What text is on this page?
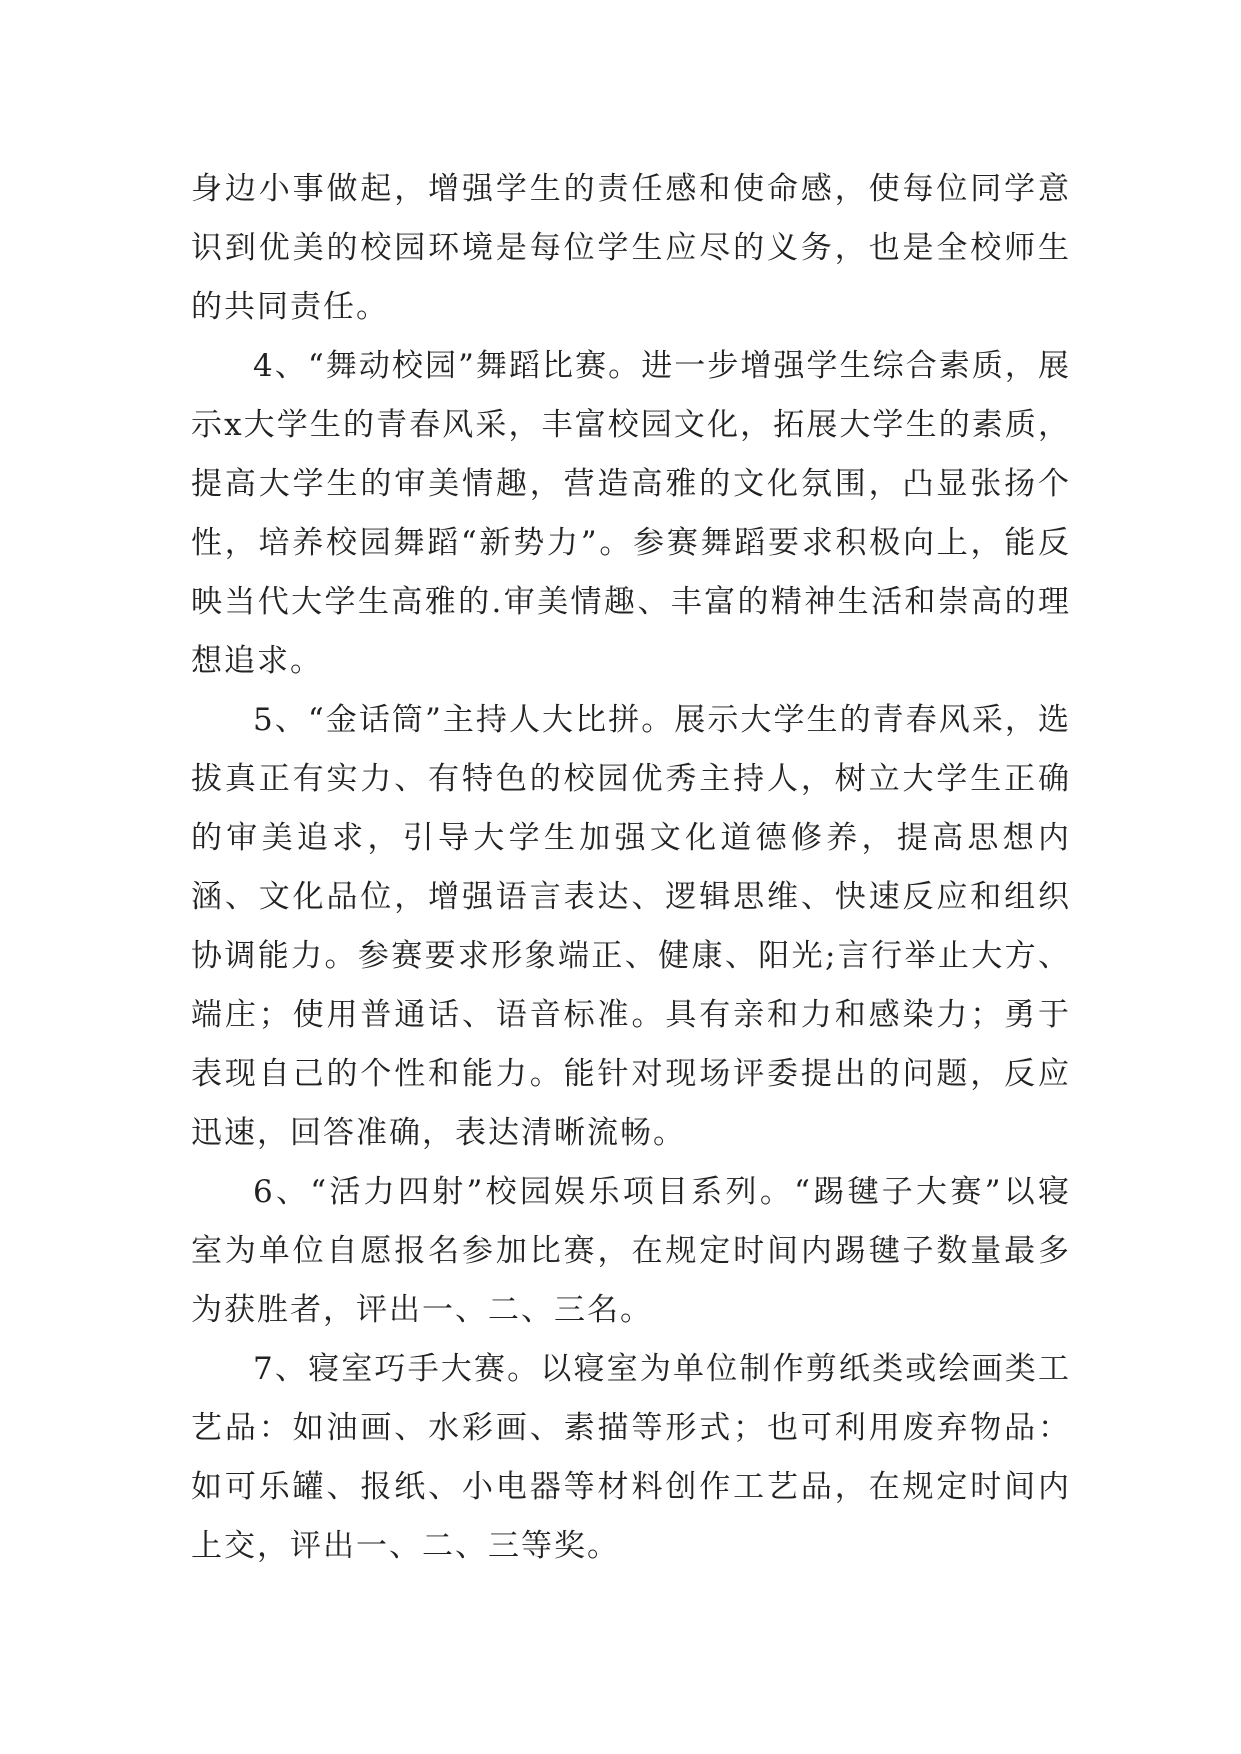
身边小事做起，增强学生的责任感和使命感，使每位同学意识到优美的校园环境是每位学生应尽的义务，也是全校师生的共同责任。

4、“舞动校园”舞蹈比赛。进一步增强学生综合素质，展示x大学生的青春风采，丰富校园文化，拓展大学生的素质，提高大学生的审美情趣，营造高雅的文化氛围，凸显张扬个性，培养校园舞蹈“新势力”。参赛舞蹈要求积极向上，能反映当代大学生高雅的.审美情趣、丰富的精神生活和崇高的理想追求。

5、“金话筒”主持人大比拼。展示大学生的青春风采，选拔真正有实力、有特色的校园优秀主持人，树立大学生正确的审美追求，引导大学生加强文化道德修养，提高思想内涵、文化品位，增强语言表达、逻辑思维、快速反应和组织协调能力。参赛要求形象端正、健康、阳光;言行举止大方、端庄；使用普通话、语音标准。具有亲和力和感染力；勇于表现自己的个性和能力。能针对现场评委提出的问题，反应迅速，回答准确，表达清晰流畅。

6、“活力四射”校园娱乐项目系列。“踢毽子大赛”以寝室为单位自愿报名参加比赛，在规定时间内踢毽子数量最多为获胜者，评出一、二、三名。

7、寝室巧手大赛。以寝室为单位制作剪纸类或绘画类工艺品：如油画、水彩画、素描等形式；也可利用废弃物品：如可乐罐、报纸、小电器等材料创作工艺品，在规定时间内上交，评出一、二、三等奖。
